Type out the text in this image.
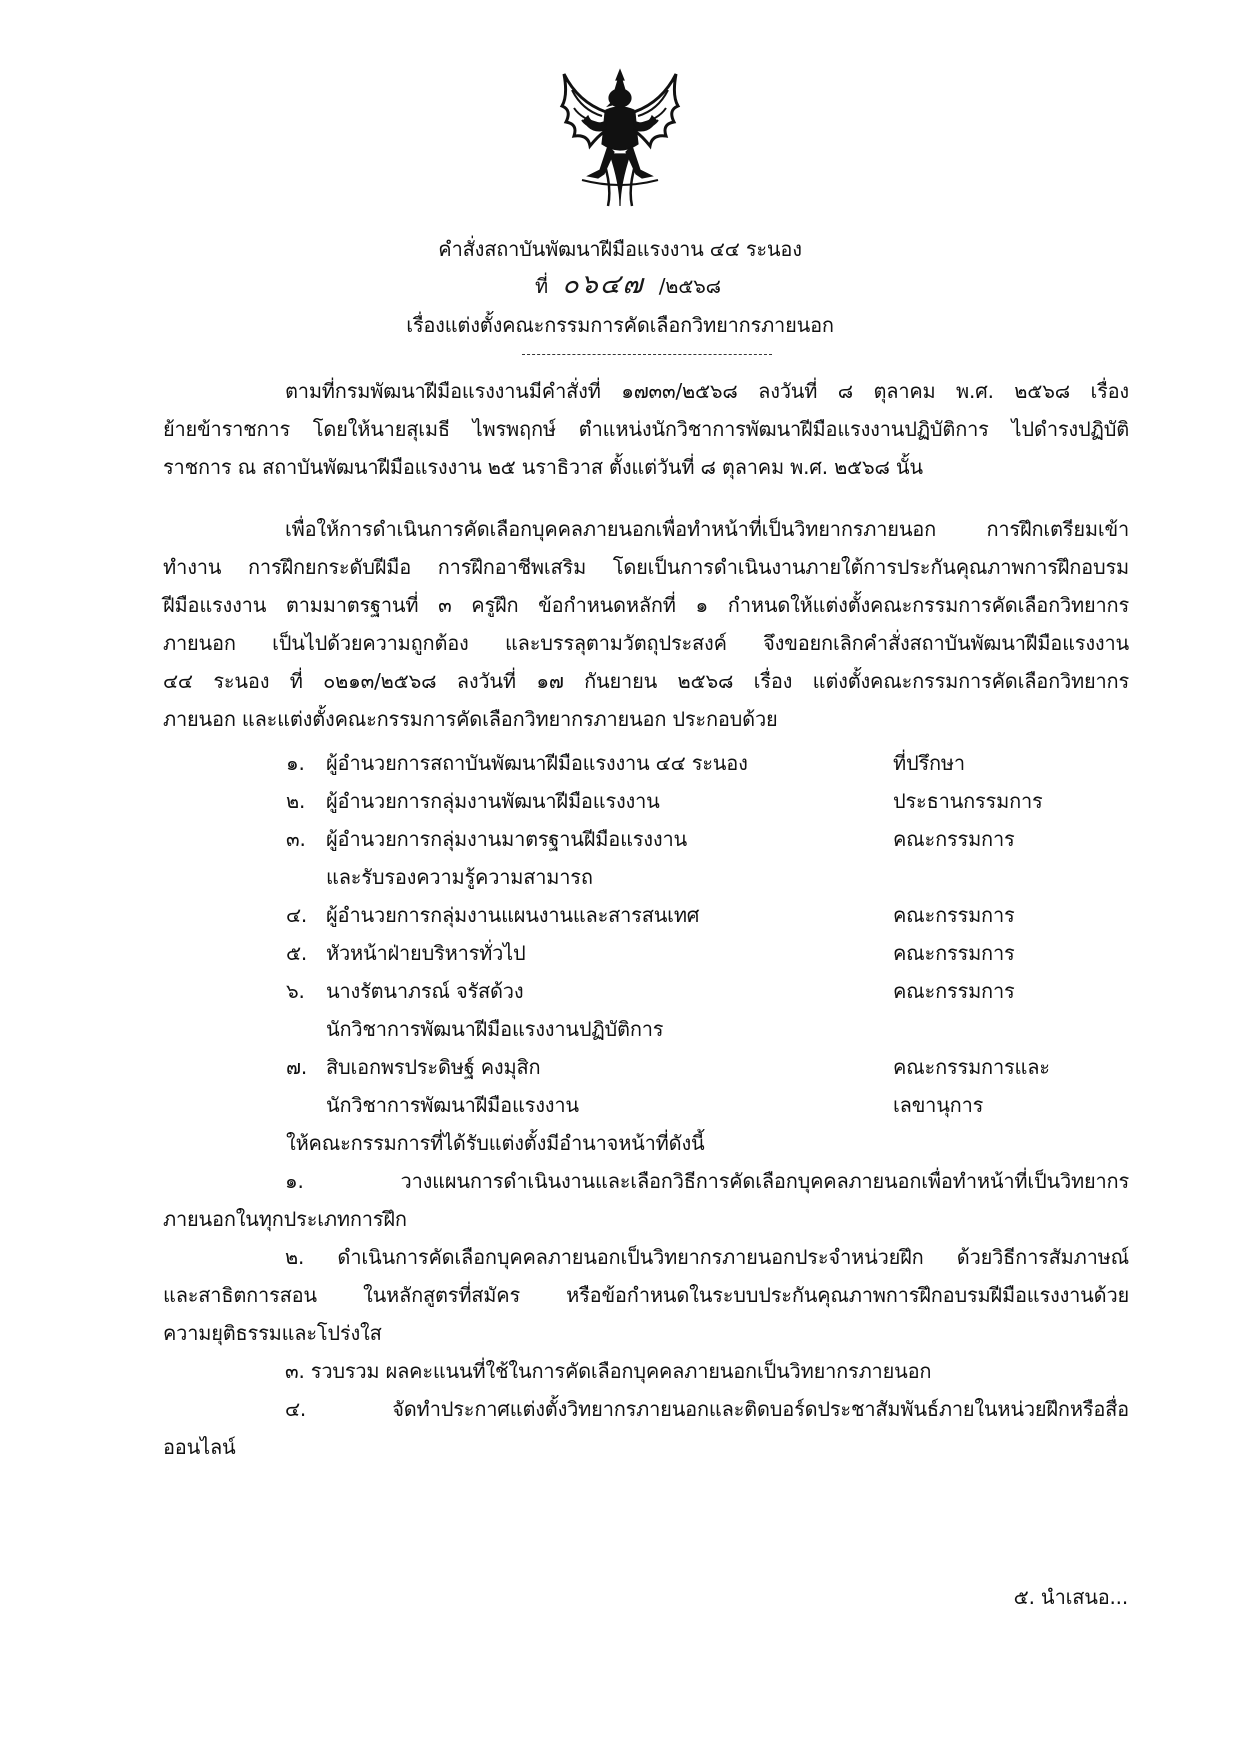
คำสั่งสถาบันพัฒนาฝีมือแรงงาน ๔๔ ระนอง
ที่ ๐๖๔๗ /๒๕๖๘
เรื่องแต่งตั้งคณะกรรมการคัดเลือกวิทยากรภายนอก
ตามที่กรมพัฒนาฝีมือแรงงานมีคำสั่งที่ ๑๗๓๓/๒๕๖๘ ลงวันที่ ๘ ตุลาคม พ.ศ. ๒๕๖๘ เรื่อง
ย้ายข้าราชการ โดยให้นายสุเมธี ไพรพฤกษ์ ตำแหน่งนักวิชาการพัฒนาฝีมือแรงงานปฏิบัติการ ไปดำรงปฏิบัติ
ราชการ ณ สถาบันพัฒนาฝีมือแรงงาน ๒๕ นราธิวาส ตั้งแต่วันที่ ๘ ตุลาคม พ.ศ. ๒๕๖๘ นั้น
เพื่อให้การดำเนินการคัดเลือกบุคคลภายนอกเพื่อทำหน้าที่เป็นวิทยากรภายนอก การฝึกเตรียมเข้า
ทำงาน การฝึกยกระดับฝีมือ การฝึกอาชีพเสริม โดยเป็นการดำเนินงานภายใต้การประกันคุณภาพการฝึกอบรม
ฝีมือแรงงาน ตามมาตรฐานที่ ๓ ครูฝึก ข้อกำหนดหลักที่ ๑ กำหนดให้แต่งตั้งคณะกรรมการคัดเลือกวิทยากร
ภายนอก เป็นไปด้วยความถูกต้อง และบรรลุตามวัตถุประสงค์ จึงขอยกเลิกคำสั่งสถาบันพัฒนาฝีมือแรงงาน
๔๔ ระนอง ที่ ๐๒๑๓/๒๕๖๘ ลงวันที่ ๑๗ กันยายน ๒๕๖๘ เรื่อง แต่งตั้งคณะกรรมการคัดเลือกวิทยากร
ภายนอก และแต่งตั้งคณะกรรมการคัดเลือกวิทยากรภายนอก ประกอบด้วย
๑.	ผู้อำนวยการสถาบันพัฒนาฝีมือแรงงาน ๔๔ ระนอง	ที่ปรึกษา
๒.	ผู้อำนวยการกลุ่มงานพัฒนาฝีมือแรงงาน	ประธานกรรมการ
๓.	ผู้อำนวยการกลุ่มงานมาตรฐานฝีมือแรงงาน	คณะกรรมการ
และรับรองความรู้ความสามารถ
๔. ผู้อำนวยการกลุ่มงานแผนงานและสารสนเทศ	คณะกรรมการ
๕. หัวหน้าฝ่ายบริหารทั่วไป	คณะกรรมการ
๖.	นางรัตนาภรณ์ จรัสด้วง	คณะกรรมการ
นักวิชาการพัฒนาฝีมือแรงงานปฏิบัติการ
๗. สิบเอกพรประดิษฐ์ คงมุสิก	คณะกรรมการและ
นักวิชาการพัฒนาฝีมือแรงงาน	เลขานุการ
ให้คณะกรรมการที่ได้รับแต่งตั้งมีอำนาจหน้าที่ดังนี้
๑. วางแผนการดำเนินงานและเลือกวิธีการคัดเลือกบุคคลภายนอกเพื่อทำหน้าที่เป็นวิทยากร
ภายนอกในทุกประเภทการฝึก
๒. ดำเนินการคัดเลือกบุคคลภายนอกเป็นวิทยากรภายนอกประจำหน่วยฝึก ด้วยวิธีการสัมภาษณ์
และสาธิตการสอน ในหลักสูตรที่สมัคร หรือข้อกำหนดในระบบประกันคุณภาพการฝึกอบรมฝีมือแรงงานด้วย
ความยุติธรรมและโปร่งใส
๓. รวบรวม ผลคะแนนที่ใช้ในการคัดเลือกบุคคลภายนอกเป็นวิทยากรภายนอก
๔. จัดทำประกาศแต่งตั้งวิทยากรภายนอกและติดบอร์ดประชาสัมพันธ์ภายในหน่วยฝึกหรือสื่อ
ออนไลน์
๕. นำเสนอ...
